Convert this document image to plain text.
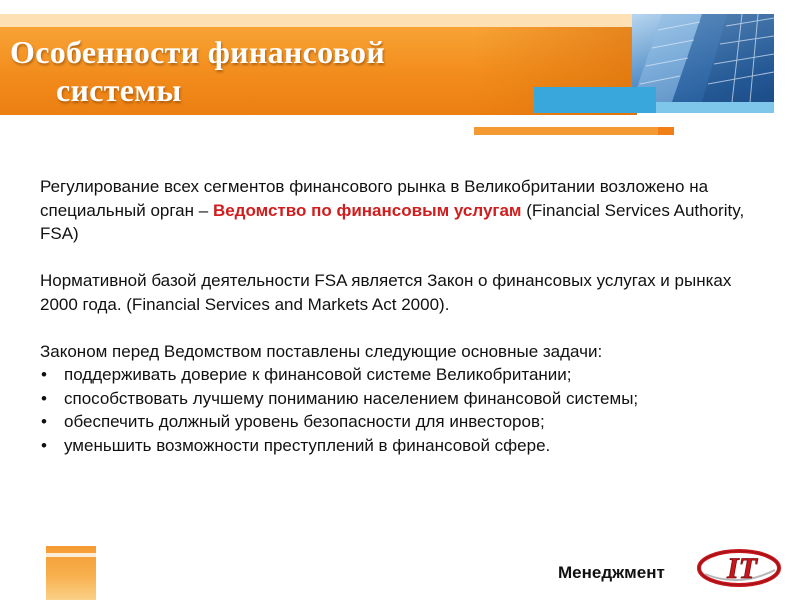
Особенности финансовой
системы

Регулирование всех сегментов финансового рынка в Великобритании возложено на специальный орган – Ведомство по финансовым услугам (Financial Services Authority, FSA)

Нормативной базой деятельности FSA является Закон о финансовых услугах и рынках 2000 года. (Financial Services and Markets Act 2000).

Законом перед Ведомством поставлены следующие основные задачи:

• поддерживать доверие к финансовой системе Великобритании;
• способствовать лучшему пониманию населением финансовой системы;
• обеспечить должный уровень безопасности для инвесторов;
• уменьшить возможности преступлений в финансовой сфере.
Менеджмент IT
